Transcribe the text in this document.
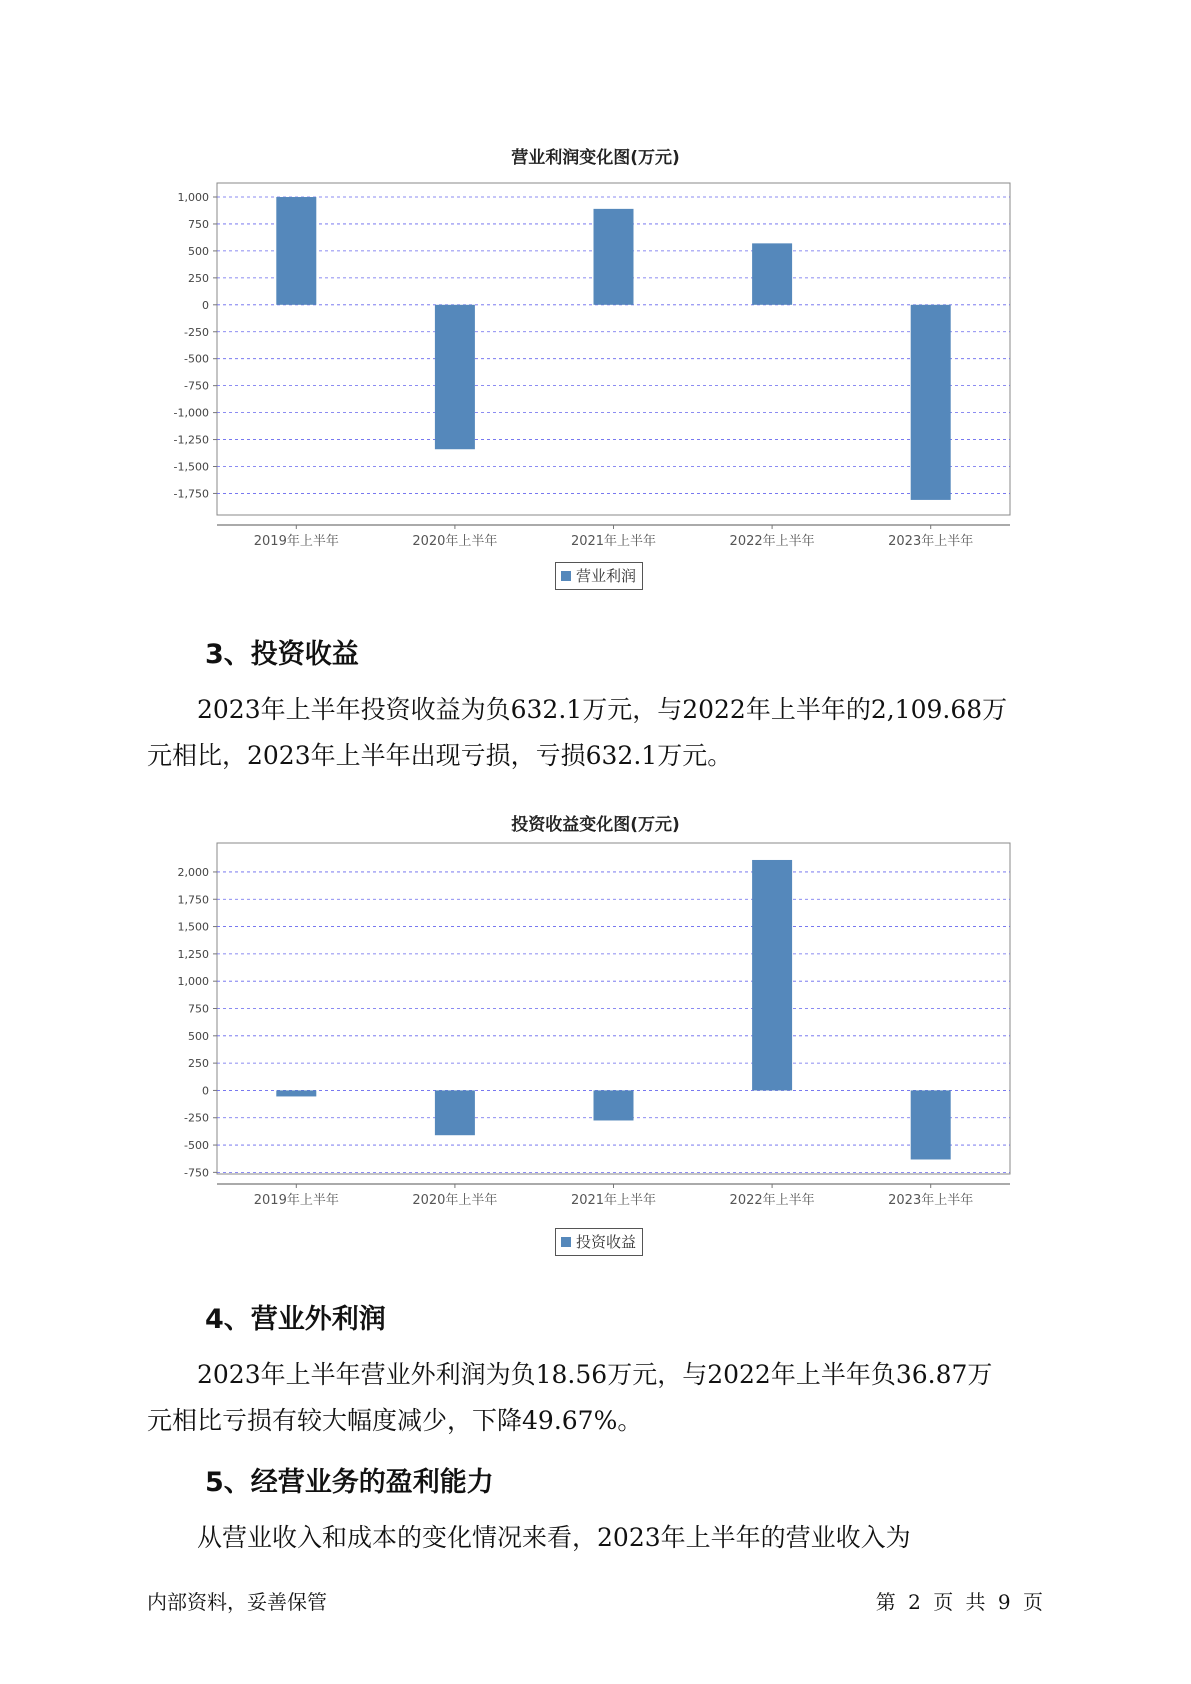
营业利润变化图(万元)
1,000
750
500
250
0
-250
-500
-750
-1,000
-1,250
-1,500
-1,750
2019年上半年	2020年上半年	2021年上半年	2022年上半年	2023年上半年
营业利润
3、投资收益

2023年上半年投资收益为负632.1万元，与2022年上半年的2,109.68万

元相比，2023年上半年出现亏损，亏损632.1万元。

投资收益变化图(万元)
2,000
1,750
1,500
1,250
1,000
750
500
250
0
-250
-500
-750
2019年上半年	2020年上半年	2021年上半年	2022年上半年	2023年上半年
投资收益
4、营业外利润

2023年上半年营业外利润为负18.56万元，与2022年上半年负36.87万

元相比亏损有较大幅度减少，下降49.67%。

5、经营业务的盈利能力

从营业收入和成本的变化情况来看，2023年上半年的营业收入为

内部资料，妥善保管	第 2 页 共 9 页
